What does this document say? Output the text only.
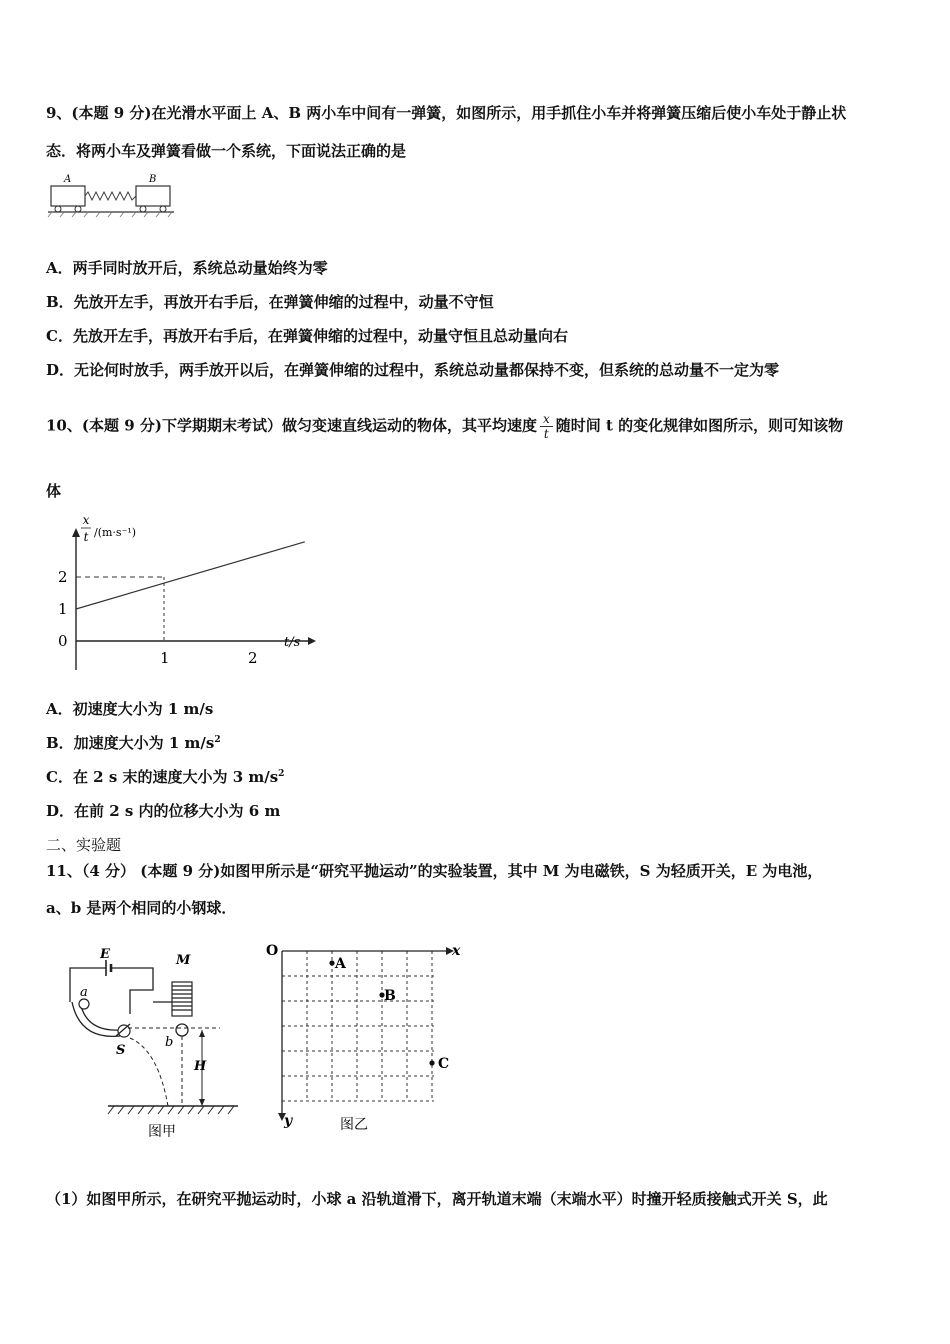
9、(本题 9 分)在光滑水平面上 A、B 两小车中间有一弹簧，如图所示，用手抓住小车并将弹簧压缩后使小车处于静止状
态．将两小车及弹簧看做一个系统，下面说法正确的是
A	B
A．两手同时放开后，系统总动量始终为零
B．先放开左手，再放开右手后，在弹簧伸缩的过程中，动量不守恒
C．先放开左手，再放开右手后，在弹簧伸缩的过程中，动量守恒且总动量向右
D．无论何时放手，两手放开以后，在弹簧伸缩的过程中，系统总动量都保持不变，但系统的总动量不一定为零
10、(本题 9 分)下学期期末考试）做匀变速直线运动的物体，其平均速度 $\frac{x}{t}$ 随时间 t 的变化规律如图所示，则可知该物
体
x
t /(m·s⁻¹)
t/s
1	2
0
1
2
A．初速度大小为 1 m/s
B．加速度大小为 1 $m/s^2$
C．在 2 s 末的速度大小为 3 $m/s^2$
D．在前 2 s 内的位移大小为 6 m
二、实验题
11、（4 分） (本题 9 分)如图甲所示是“研究平抛运动”的实验装置，其中 M 为电磁铁，S 为轻质开关，E 为电池，
a、b 是两个相同的小钢球．
E	M
a
S
b
H
图甲
O	x
y
A
B
C
图乙
（1）如图甲所示，在研究平抛运动时，小球 a 沿轨道滑下，离开轨道末端（末端水平）时撞开轻质接触式开关 S，此
